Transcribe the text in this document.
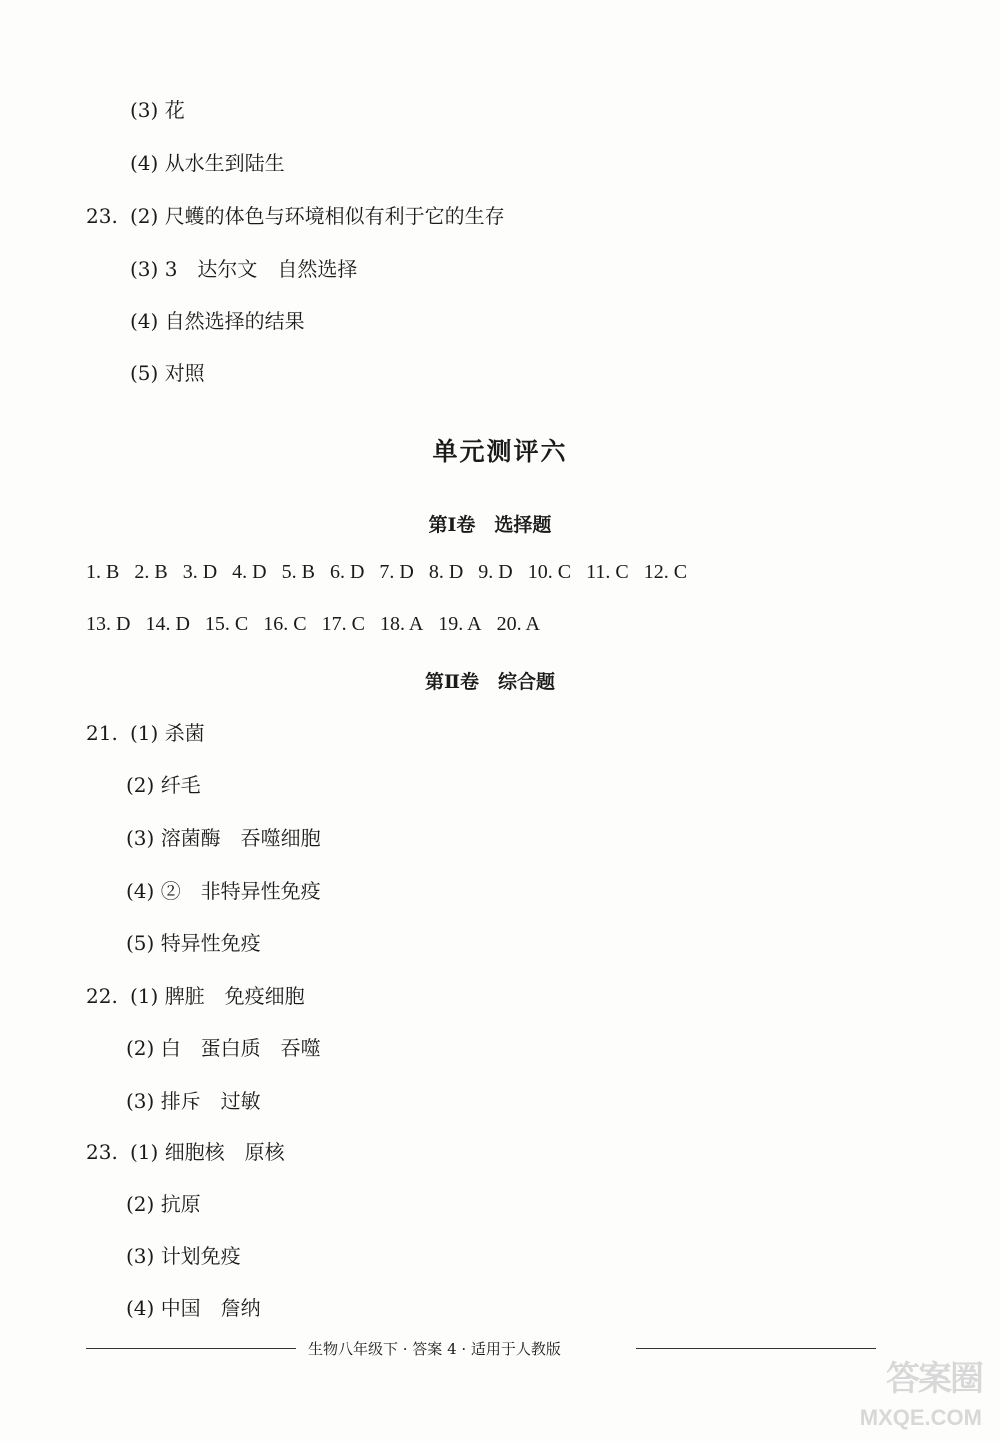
(3) 花
(4) 从水生到陆生
23. (2) 尺蠖的体色与环境相似有利于它的生存
(3) 3　达尔文　自然选择
(4) 自然选择的结果
(5) 对照
单元测评六
第Ⅰ卷　选择题
1. B 2. B 3. D 4. D 5. B 6. D 7. D 8. D 9. D 10. C 11. C 12. C
13. D 14. D 15. C 16. C 17. C 18. A 19. A 20. A
第Ⅱ卷　综合题
21. (1) 杀菌
(2) 纤毛
(3) 溶菌酶　吞噬细胞
(4) ②　非特异性免疫
(5) 特异性免疫
22. (1) 脾脏　免疫细胞
(2) 白　蛋白质　吞噬
(3) 排斥　过敏
23. (1) 细胞核　原核
(2) 抗原
(3) 计划免疫
(4) 中国　詹纳
生物八年级下 · 答案 4 · 适用于人教版
答案圈
MXQE.COM
